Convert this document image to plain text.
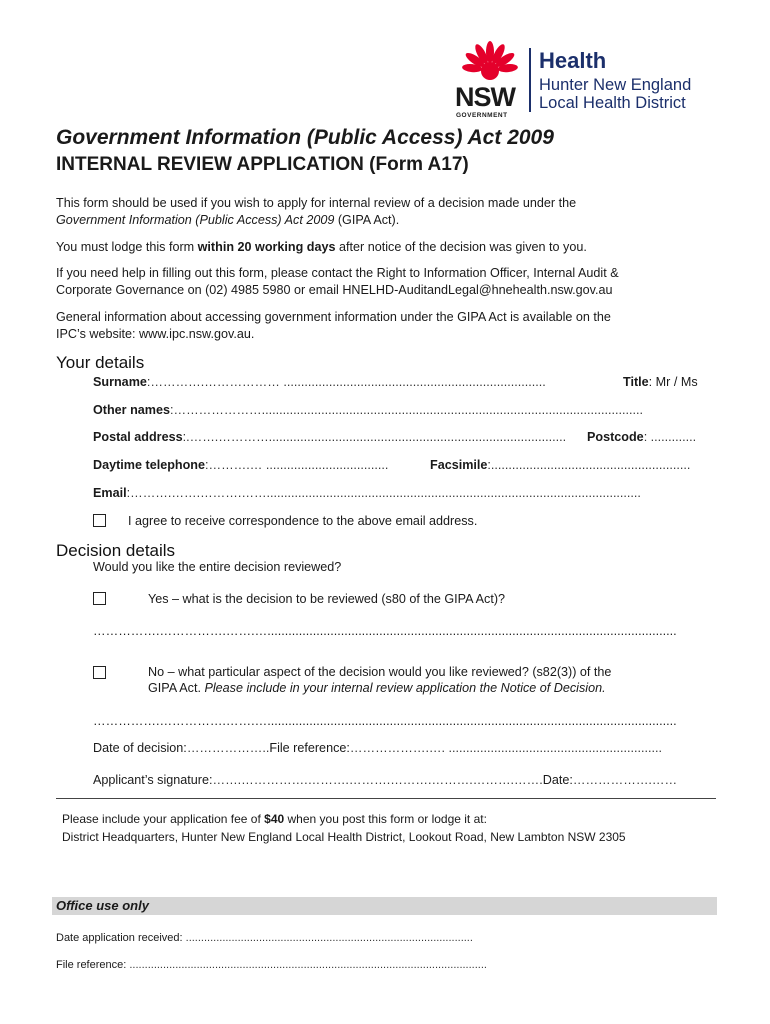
NSW
GOVERNMENT
Health
Hunter New England
Local Health District
Government Information (Public Access) Act 2009
INTERNAL REVIEW APPLICATION (Form A17)
This form should be used if you wish to apply for internal review of a decision made under the
Government Information (Public Access) Act 2009 (GIPA Act).
You must lodge this form within 20 working days after notice of the decision was given to you.
If you need help in filling out this form, please contact the Right to Information Officer, Internal Audit &
Corporate Governance on (02) 4985 5980 or email HNELHD-AuditandLegal@hnehealth.nsw.gov.au
General information about accessing government information under the GIPA Act is available on the
IPC’s website: www.ipc.nsw.gov.au.
Your details
Surname:………….……………… ...........................................................................	Title: Mr / Ms
Other names:………………….............................................................................................................
Postal address:.…….…………..................................................................................... Postcode: .............
Daytime telephone:……….… ...................................	Facsimile:.........................................................
Email:……….…….……….……...........................................................................................................
I agree to receive correspondence to the above email address.
Decision details
Would you like the entire decision reviewed?
Yes – what is the decision to be reviewed (s80 of the GIPA Act)?
…………….…………….…….….....................................................................................................................
No – what particular aspect of the decision would you like reviewed? (s82(3)) of the
GIPA Act. Please include in your internal review application the Notice of Decision.
…………….…………….…….….....................................................................................................................
Date of decision:………………..File reference:……………….…. .............................................................
Applicant’s signature:…….…………….……….……….……….……….……….…….Date:……………….……
Please include your application fee of $40 when you post this form or lodge it at:
District Headquarters, Hunter New England Local Health District, Lookout Road, New Lambton NSW 2305
Office use only
Date application received: ..............................................................................................
File reference: .....................................................................................................................
